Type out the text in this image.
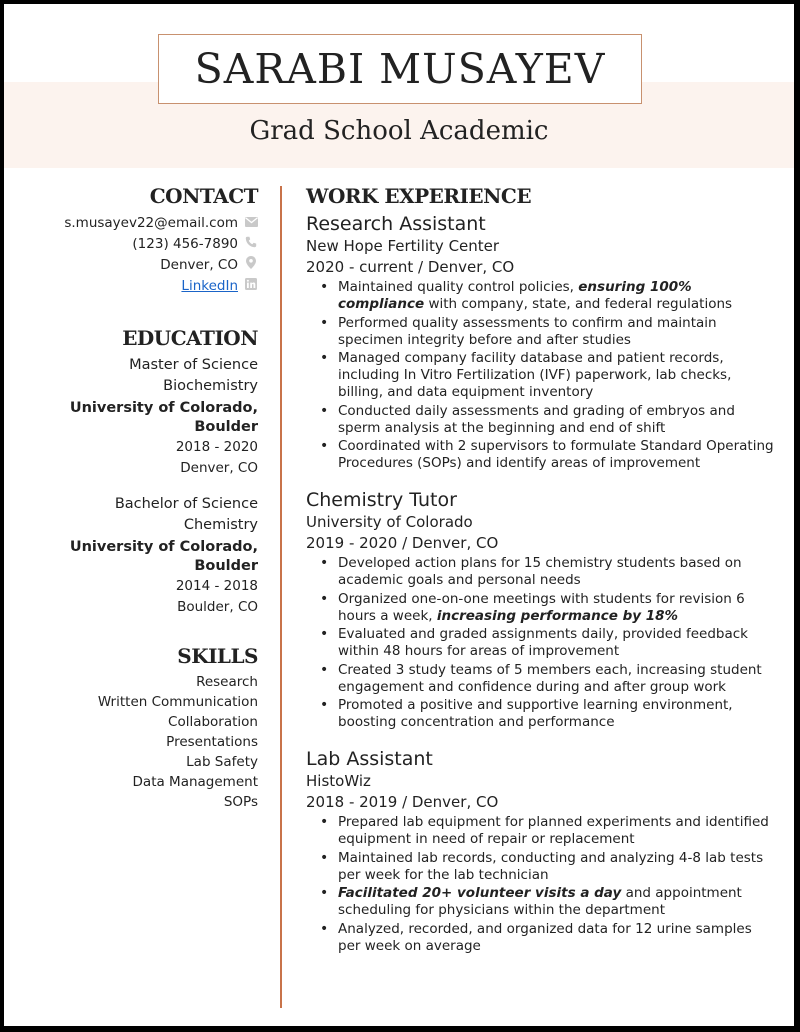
SARABI MUSAYEV
Grad School Academic
CONTACT
s.musayev22@email.com
(123) 456-7890
Denver, CO
LinkedIn
EDUCATION
Master of Science
Biochemistry
University of Colorado,
Boulder
2018 - 2020
Denver, CO
Bachelor of Science
Chemistry
University of Colorado,
Boulder
2014 - 2018
Boulder, CO
SKILLS
Research
Written Communication
Collaboration
Presentations
Lab Safety
Data Management
SOPs
WORK EXPERIENCE
Research Assistant
New Hope Fertility Center
2020 - current / Denver, CO
• Maintained quality control policies, ensuring 100% compliance with company, state, and federal regulations
• Performed quality assessments to confirm and maintain specimen integrity before and after studies
• Managed company facility database and patient records, including In Vitro Fertilization (IVF) paperwork, lab checks, billing, and data equipment inventory
• Conducted daily assessments and grading of embryos and sperm analysis at the beginning and end of shift
• Coordinated with 2 supervisors to formulate Standard Operating Procedures (SOPs) and identify areas of improvement
Chemistry Tutor
University of Colorado
2019 - 2020 / Denver, CO
• Developed action plans for 15 chemistry students based on academic goals and personal needs
• Organized one-on-one meetings with students for revision 6 hours a week, increasing performance by 18%
• Evaluated and graded assignments daily, provided feedback within 48 hours for areas of improvement
• Created 3 study teams of 5 members each, increasing student engagement and confidence during and after group work
• Promoted a positive and supportive learning environment, boosting concentration and performance
Lab Assistant
HistoWiz
2018 - 2019 / Denver, CO
• Prepared lab equipment for planned experiments and identified equipment in need of repair or replacement
• Maintained lab records, conducting and analyzing 4-8 lab tests per week for the lab technician
• Facilitated 20+ volunteer visits a day and appointment scheduling for physicians within the department
• Analyzed, recorded, and organized data for 12 urine samples per week on average
